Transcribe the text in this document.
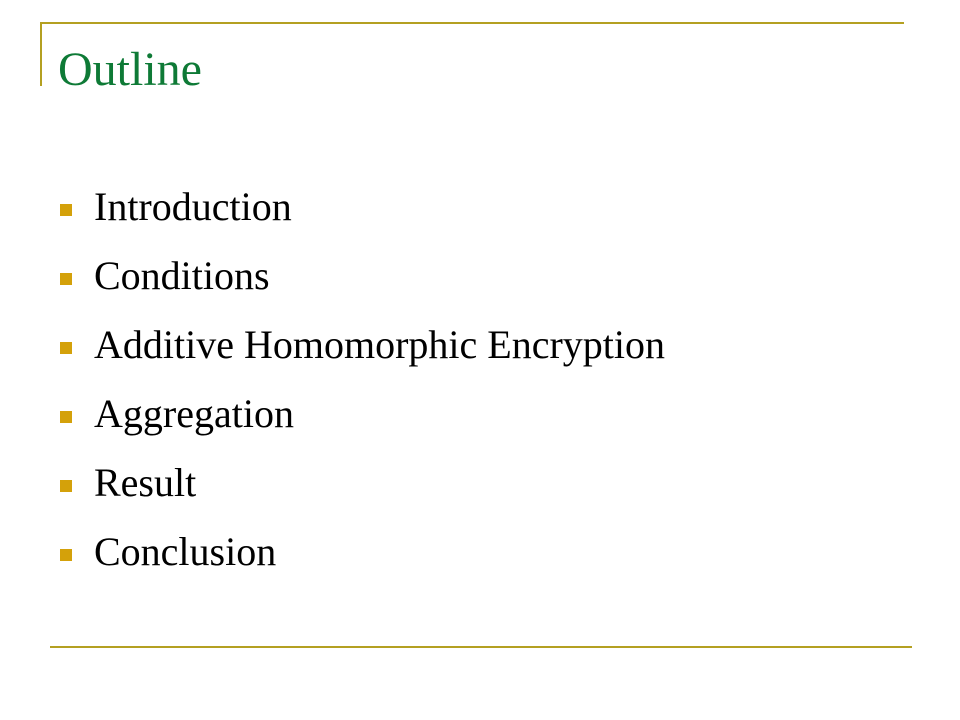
Outline
Introduction
Conditions
Additive Homomorphic Encryption
Aggregation
Result
Conclusion
